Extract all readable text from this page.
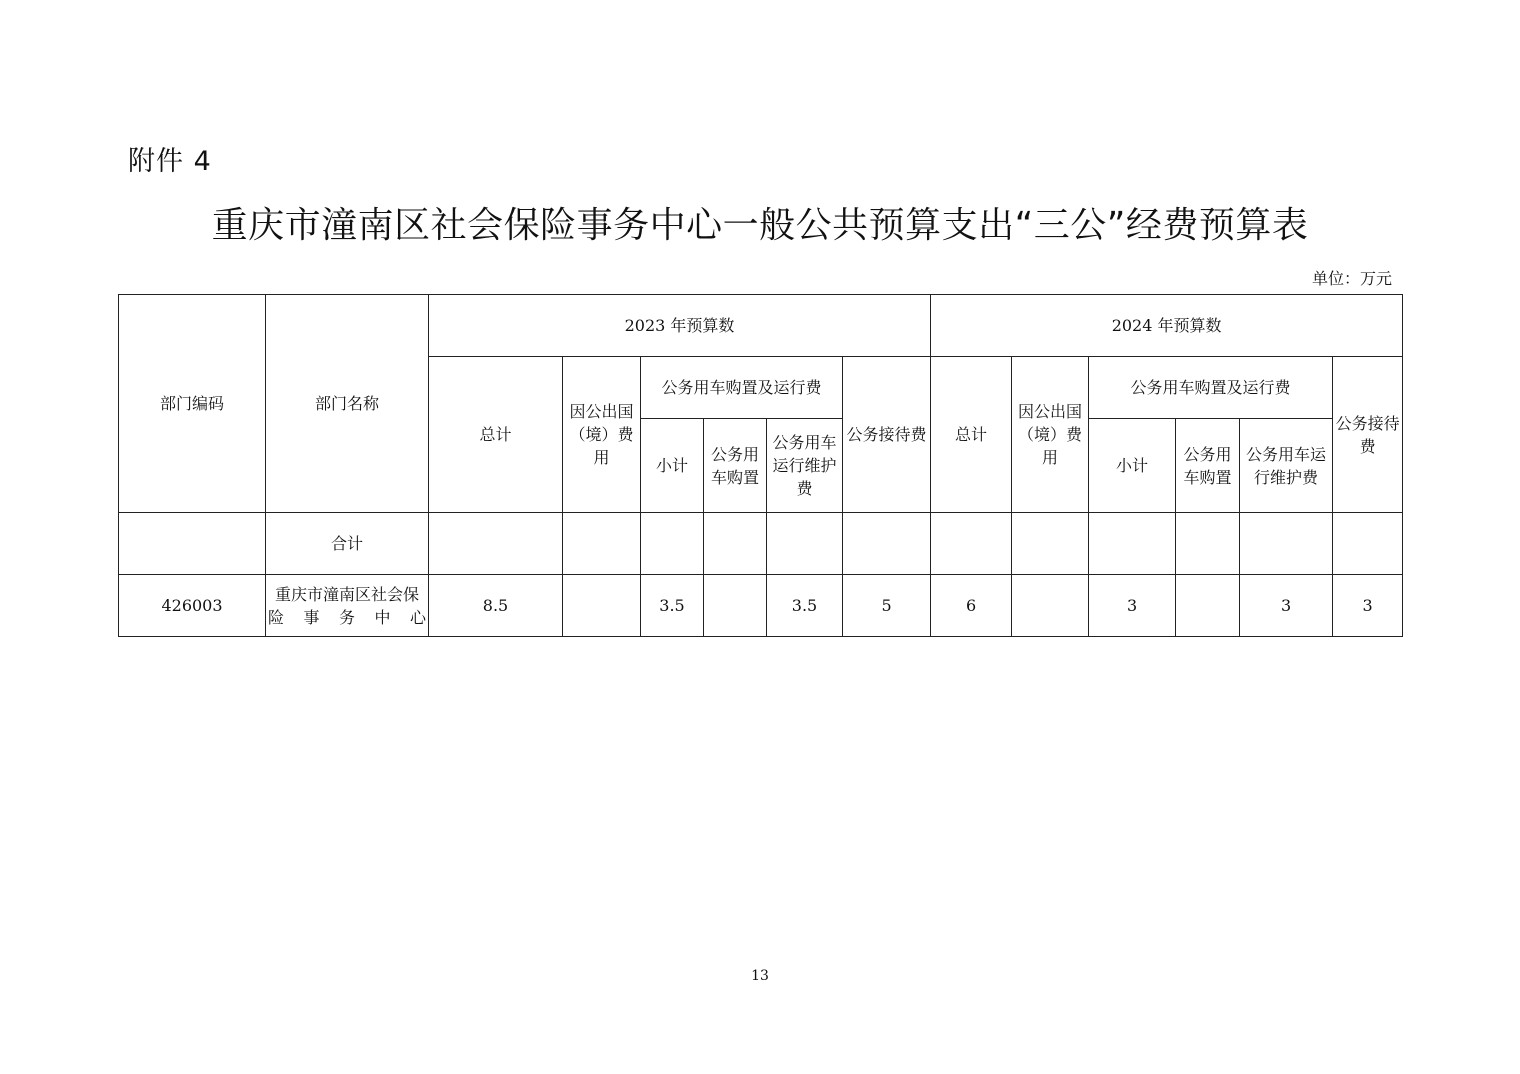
附件 4
重庆市潼南区社会保险事务中心一般公共预算支出“三公”经费预算表
单位：万元
部门编码	部门名称	2023 年预算数						2024 年预算数					
		总计	因公出国（境）费用	公务用车购置及运行费			公务接待费	总计	因公出国（境）费用	公务用车购置及运行费			公务接待费
				小计	公务用车购置	公务用车运行维护费				小计	公务用车购置	公务用车运行维护费	
	合计												
426003	重庆市潼南区社会保险事务中心	8.5		3.5		3.5	5	6		3		3	3
13
